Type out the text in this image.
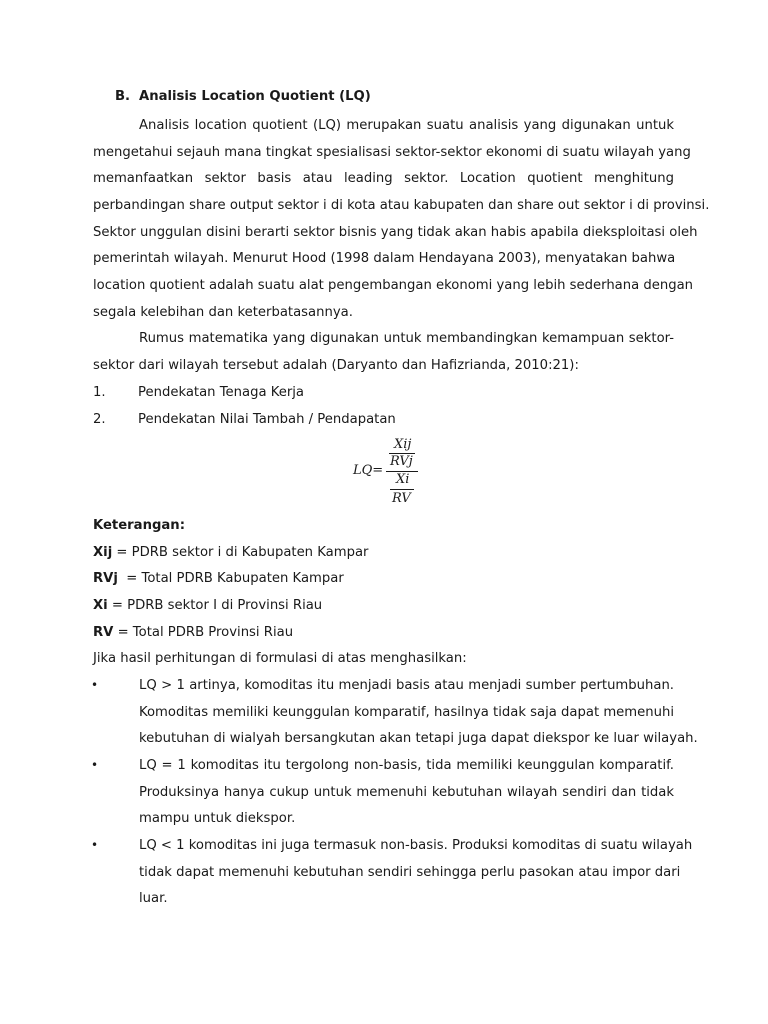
B. Analisis Location Quotient (LQ)
Analisis location quotient (LQ) merupakan suatu analisis yang digunakan untuk
mengetahui sejauh mana tingkat spesialisasi sektor-sektor ekonomi di suatu wilayah yang
memanfaatkan sektor basis atau leading sektor. Location quotient menghitung
perbandingan share output sektor i di kota atau kabupaten dan share out sektor i di provinsi.
Sektor unggulan disini berarti sektor bisnis yang tidak akan habis apabila dieksploitasi oleh
pemerintah wilayah. Menurut Hood (1998 dalam Hendayana 2003), menyatakan bahwa
location quotient adalah suatu alat pengembangan ekonomi yang lebih sederhana dengan
segala kelebihan dan keterbatasannya.
Rumus matematika yang digunakan untuk membandingkan kemampuan sektor-
sektor dari wilayah tersebut adalah (Daryanto dan Hafizrianda, 2010:21):
1. Pendekatan Tenaga Kerja
2. Pendekatan Nilai Tambah / Pendapatan
LQ=
Xij
RVj
Xi
RV
Keterangan:
Xij = PDRB sektor i di Kabupaten Kampar
RVj  = Total PDRB Kabupaten Kampar
Xi = PDRB sektor I di Provinsi Riau
RV = Total PDRB Provinsi Riau
Jika hasil perhitungan di formulasi di atas menghasilkan:
•	LQ > 1 artinya, komoditas itu menjadi basis atau menjadi sumber pertumbuhan.
Komoditas memiliki keunggulan komparatif, hasilnya tidak saja dapat memenuhi
kebutuhan di wialyah bersangkutan akan tetapi juga dapat diekspor ke luar wilayah.
•	LQ = 1 komoditas itu tergolong non-basis, tida memiliki keunggulan komparatif.
Produksinya hanya cukup untuk memenuhi kebutuhan wilayah sendiri dan tidak
mampu untuk diekspor.
•	LQ < 1 komoditas ini juga termasuk non-basis. Produksi komoditas di suatu wilayah
tidak dapat memenuhi kebutuhan sendiri sehingga perlu pasokan atau impor dari
luar.
